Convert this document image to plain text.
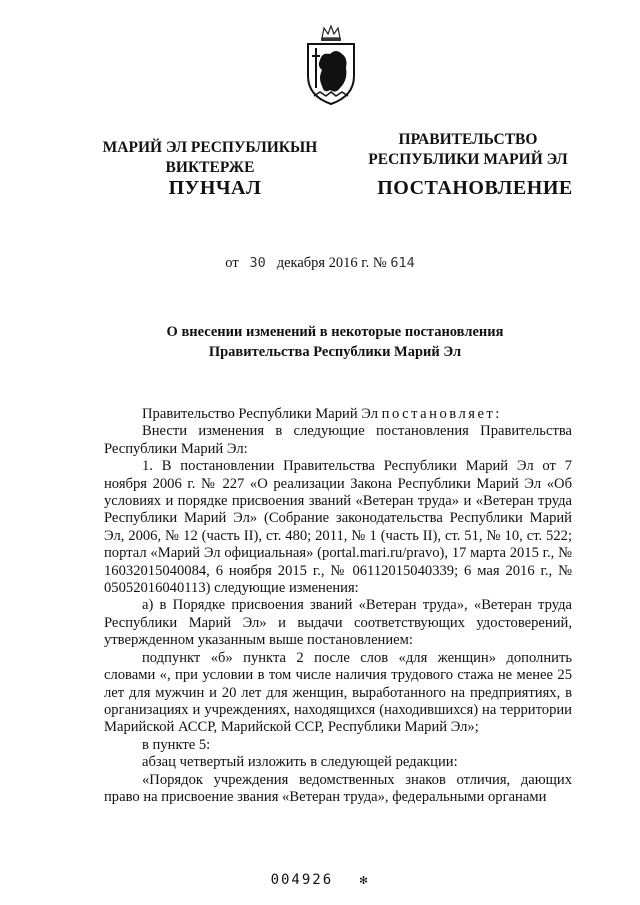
МАРИЙ ЭЛ РЕСПУБЛИКЫН
ВИКТЕРЖЕ
ПРАВИТЕЛЬСТВО
РЕСПУБЛИКИ МАРИЙ ЭЛ
ПУНЧАЛ	ПОСТАНОВЛЕНИЕ
от 30 декабря 2016 г. № 614
О внесении изменений в некоторые постановления
Правительства Республики Марий Эл

Правительство Республики Марий Эл постановляет:

Внести изменения в следующие постановления Правительства Республики Марий Эл:

1. В постановлении Правительства Республики Марий Эл от 7 ноября 2006 г. № 227 «О реализации Закона Республики Марий Эл «Об условиях и порядке присвоения званий «Ветеран труда» и «Ветеран труда Республики Марий Эл» (Собрание законодательства Республики Марий Эл, 2006, № 12 (часть II), ст. 480; 2011, № 1 (часть II), ст. 51, № 10, ст. 522; портал «Марий Эл официальная» (portal.mari.ru/pravo), 17 марта 2015 г., № 16032015040084, 6 ноября 2015 г., № 06112015040339; 6 мая 2016 г., № 05052016040113) следующие изменения:

а) в Порядке присвоения званий «Ветеран труда», «Ветеран труда Республики Марий Эл» и выдачи соответствующих удостоверений, утвержденном указанным выше постановлением:

подпункт «б» пункта 2 после слов «для женщин» дополнить словами «, при условии в том числе наличия трудового стажа не менее 25 лет для мужчин и 20 лет для женщин, выработанного на предприятиях, в организациях и учреждениях, находящихся (находившихся) на территории Марийской АССР, Марийской ССР, Республики Марий Эл»;

в пункте 5:

абзац четвертый изложить в следующей редакции:

«Порядок учреждения ведомственных знаков отличия, дающих право на присвоение звания «Ветеран труда», федеральными органами

004926 ✻
